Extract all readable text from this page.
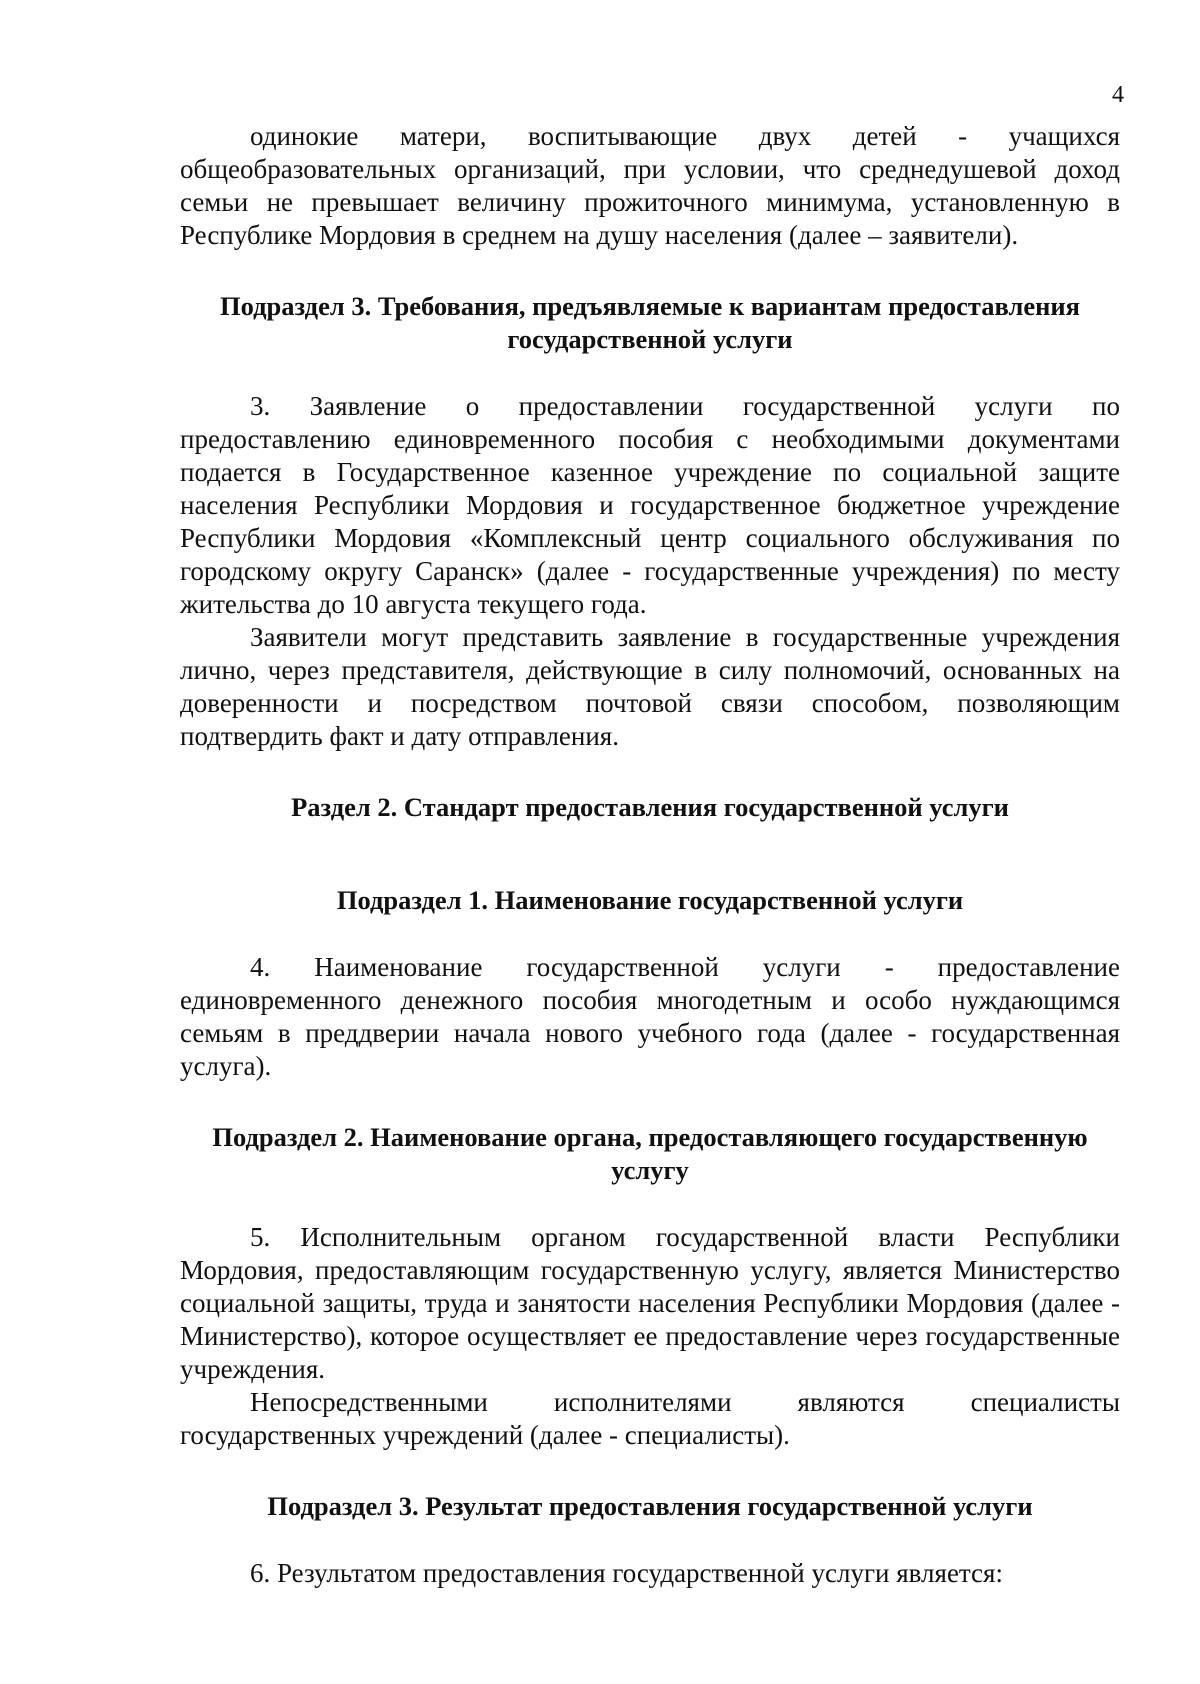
4

одинокие матери, воспитывающие двух детей - учащихся общеобразовательных организаций, при условии, что среднедушевой доход семьи не превышает величину прожиточного минимума, установленную в Республике Мордовия в среднем на душу населения (далее – заявители).

Подраздел 3. Требования, предъявляемые к вариантам предоставления государственной услуги

3. Заявление о предоставлении государственной услуги по предоставлению единовременного пособия с необходимыми документами подается в Государственное казенное учреждение по социальной защите населения Республики Мордовия и государственное бюджетное учреждение Республики Мордовия «Комплексный центр социального обслуживания по городскому округу Саранск» (далее - государственные учреждения) по месту жительства до 10 августа текущего года.

Заявители могут представить заявление в государственные учреждения лично, через представителя, действующие в силу полномочий, основанных на доверенности и посредством почтовой связи способом, позволяющим подтвердить факт и дату отправления.

Раздел 2. Стандарт предоставления государственной услуги
Подраздел 1. Наименование государственной услуги

4. Наименование государственной услуги - предоставление единовременного денежного пособия многодетным и особо нуждающимся семьям в преддверии начала нового учебного года (далее - государственная услуга).

Подраздел 2. Наименование органа, предоставляющего государственную услугу

5. Исполнительным органом государственной власти Республики Мордовия, предоставляющим государственную услугу, является Министерство социальной защиты, труда и занятости населения Республики Мордовия (далее - Министерство), которое осуществляет ее предоставление через государственные учреждения.

Непосредственными исполнителями являются специалисты государственных учреждений (далее - специалисты).

Подраздел 3. Результат предоставления государственной услуги

6. Результатом предоставления государственной услуги является:
